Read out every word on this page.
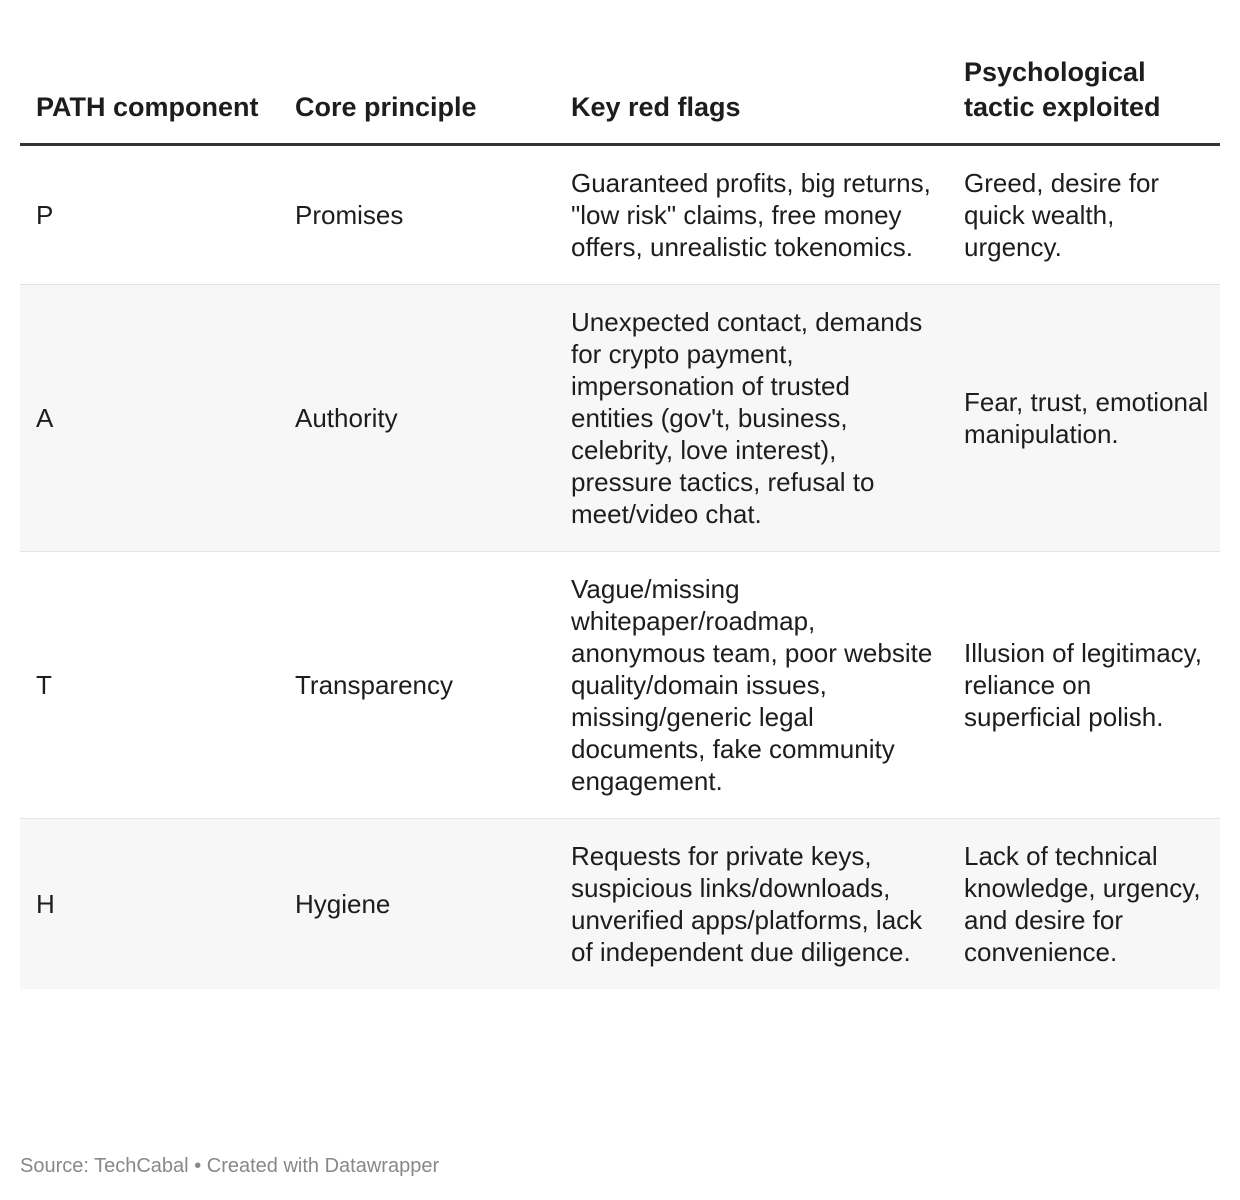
PATH component	Core principle	Key red flags	Psychological tactic exploited
P	Promises	Guaranteed profits, big returns, "low risk" claims, free money offers, unrealistic tokenomics.	Greed, desire for quick wealth, urgency.
A	Authority	Unexpected contact, demands for crypto payment, impersonation of trusted entities (gov't, business, celebrity, love interest), pressure tactics, refusal to meet/video chat.	Fear, trust, emotional manipulation.
T	Transparency	Vague/missing whitepaper/roadmap, anonymous team, poor website quality/domain issues, missing/generic legal documents, fake community engagement.	Illusion of legitimacy, reliance on superficial polish.
H	Hygiene	Requests for private keys, suspicious links/downloads, unverified apps/platforms, lack of independent due diligence.	Lack of technical knowledge, urgency, and desire for convenience.
Source: TechCabal • Created with Datawrapper
